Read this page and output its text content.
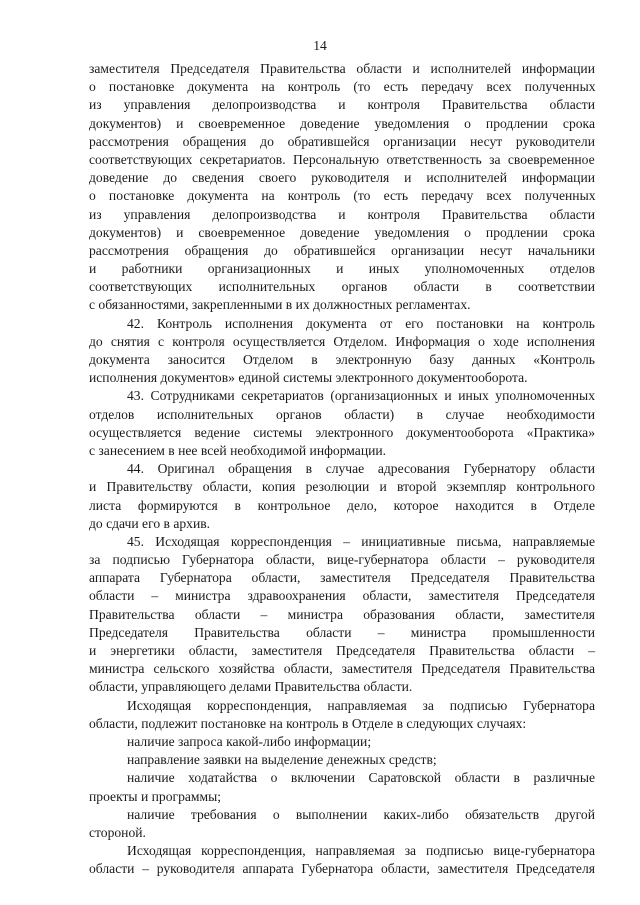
14
заместителя Председателя Правительства области и исполнителей информации
о постановке документа на контроль (то есть передачу всех полученных
из управления делопроизводства и контроля Правительства области
документов) и своевременное доведение уведомления о продлении срока
рассмотрения обращения до обратившейся организации несут руководители
соответствующих секретариатов. Персональную ответственность за своевременное
доведение до сведения своего руководителя и исполнителей информации
о постановке документа на контроль (то есть передачу всех полученных
из управления делопроизводства и контроля Правительства области
документов) и своевременное доведение уведомления о продлении срока
рассмотрения обращения до обратившейся организации несут начальники
и работники организационных и иных уполномоченных отделов
соответствующих исполнительных органов области в соответствии
с обязанностями, закрепленными в их должностных регламентах.
42. Контроль исполнения документа от его постановки на контроль
до снятия с контроля осуществляется Отделом. Информация о ходе исполнения
документа заносится Отделом в электронную базу данных «Контроль
исполнения документов» единой системы электронного документооборота.
43. Сотрудниками секретариатов (организационных и иных уполномоченных
отделов исполнительных органов области) в случае необходимости
осуществляется ведение системы электронного документооборота «Практика»
с занесением в нее всей необходимой информации.
44. Оригинал обращения в случае адресования Губернатору области
и Правительству области, копия резолюции и второй экземпляр контрольного
листа формируются в контрольное дело, которое находится в Отделе
до сдачи его в архив.
45. Исходящая корреспонденция – инициативные письма, направляемые
за подписью Губернатора области, вице-губернатора области – руководителя
аппарата Губернатора области, заместителя Председателя Правительства
области – министра здравоохранения области, заместителя Председателя
Правительства области – министра образования области, заместителя
Председателя Правительства области – министра промышленности
и энергетики области, заместителя Председателя Правительства области –
министра сельского хозяйства области, заместителя Председателя Правительства
области, управляющего делами Правительства области.
Исходящая корреспонденция, направляемая за подписью Губернатора
области, подлежит постановке на контроль в Отделе в следующих случаях:
наличие запроса какой-либо информации;
направление заявки на выделение денежных средств;
наличие ходатайства о включении Саратовской области в различные
проекты и программы;
наличие требования о выполнении каких-либо обязательств другой
стороной.
Исходящая корреспонденция, направляемая за подписью вице-губернатора
области – руководителя аппарата Губернатора области, заместителя Председателя
